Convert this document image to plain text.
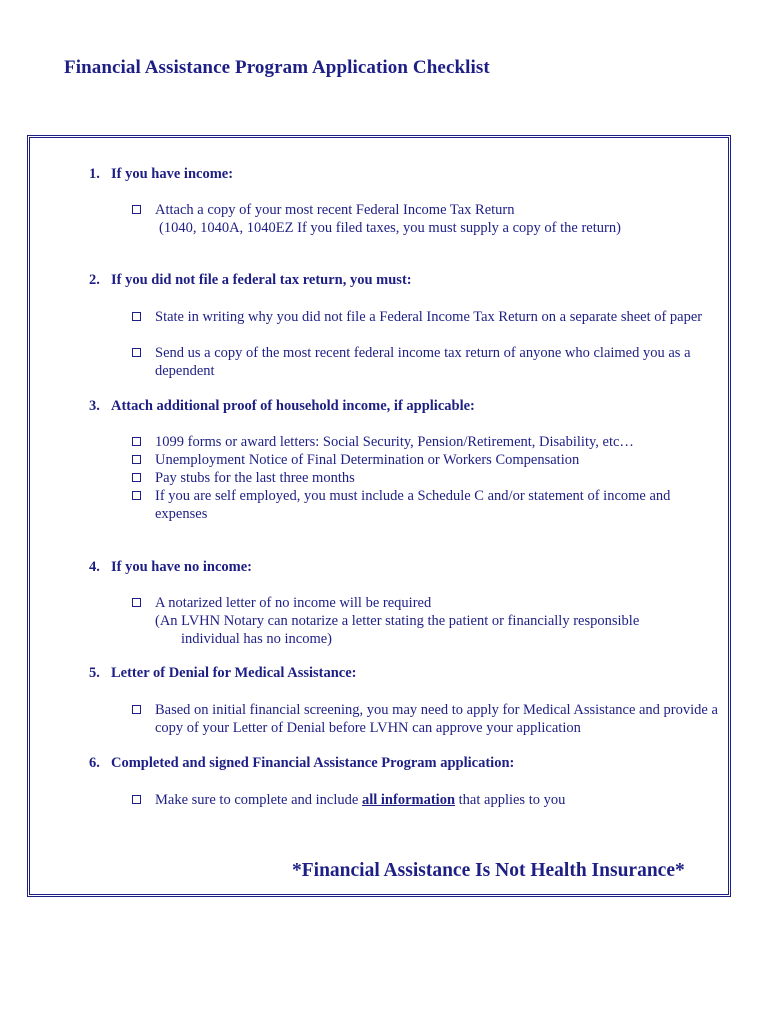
Financial Assistance Program Application Checklist
1. If you have income:
Attach a copy of your most recent Federal Income Tax Return
(1040, 1040A, 1040EZ If you filed taxes, you must supply a copy of the return)
2. If you did not file a federal tax return, you must:
State in writing why you did not file a Federal Income Tax Return on a separate sheet of paper
Send us a copy of the most recent federal income tax return of anyone who claimed you as a dependent
3. Attach additional proof of household income, if applicable:
1099 forms or award letters: Social Security, Pension/Retirement, Disability, etc…
Unemployment Notice of Final Determination or Workers Compensation
Pay stubs for the last three months
If you are self employed, you must include a Schedule C and/or statement of income and expenses
4. If you have no income:
A notarized letter of no income will be required
(An LVHN Notary can notarize a letter stating the patient or financially responsible
individual has no income)
5. Letter of Denial for Medical Assistance:
Based on initial financial screening, you may need to apply for Medical Assistance and provide a copy of your Letter of Denial before LVHN can approve your application
6. Completed and signed Financial Assistance Program application:
Make sure to complete and include all information that applies to you
*Financial Assistance Is Not Health Insurance*
